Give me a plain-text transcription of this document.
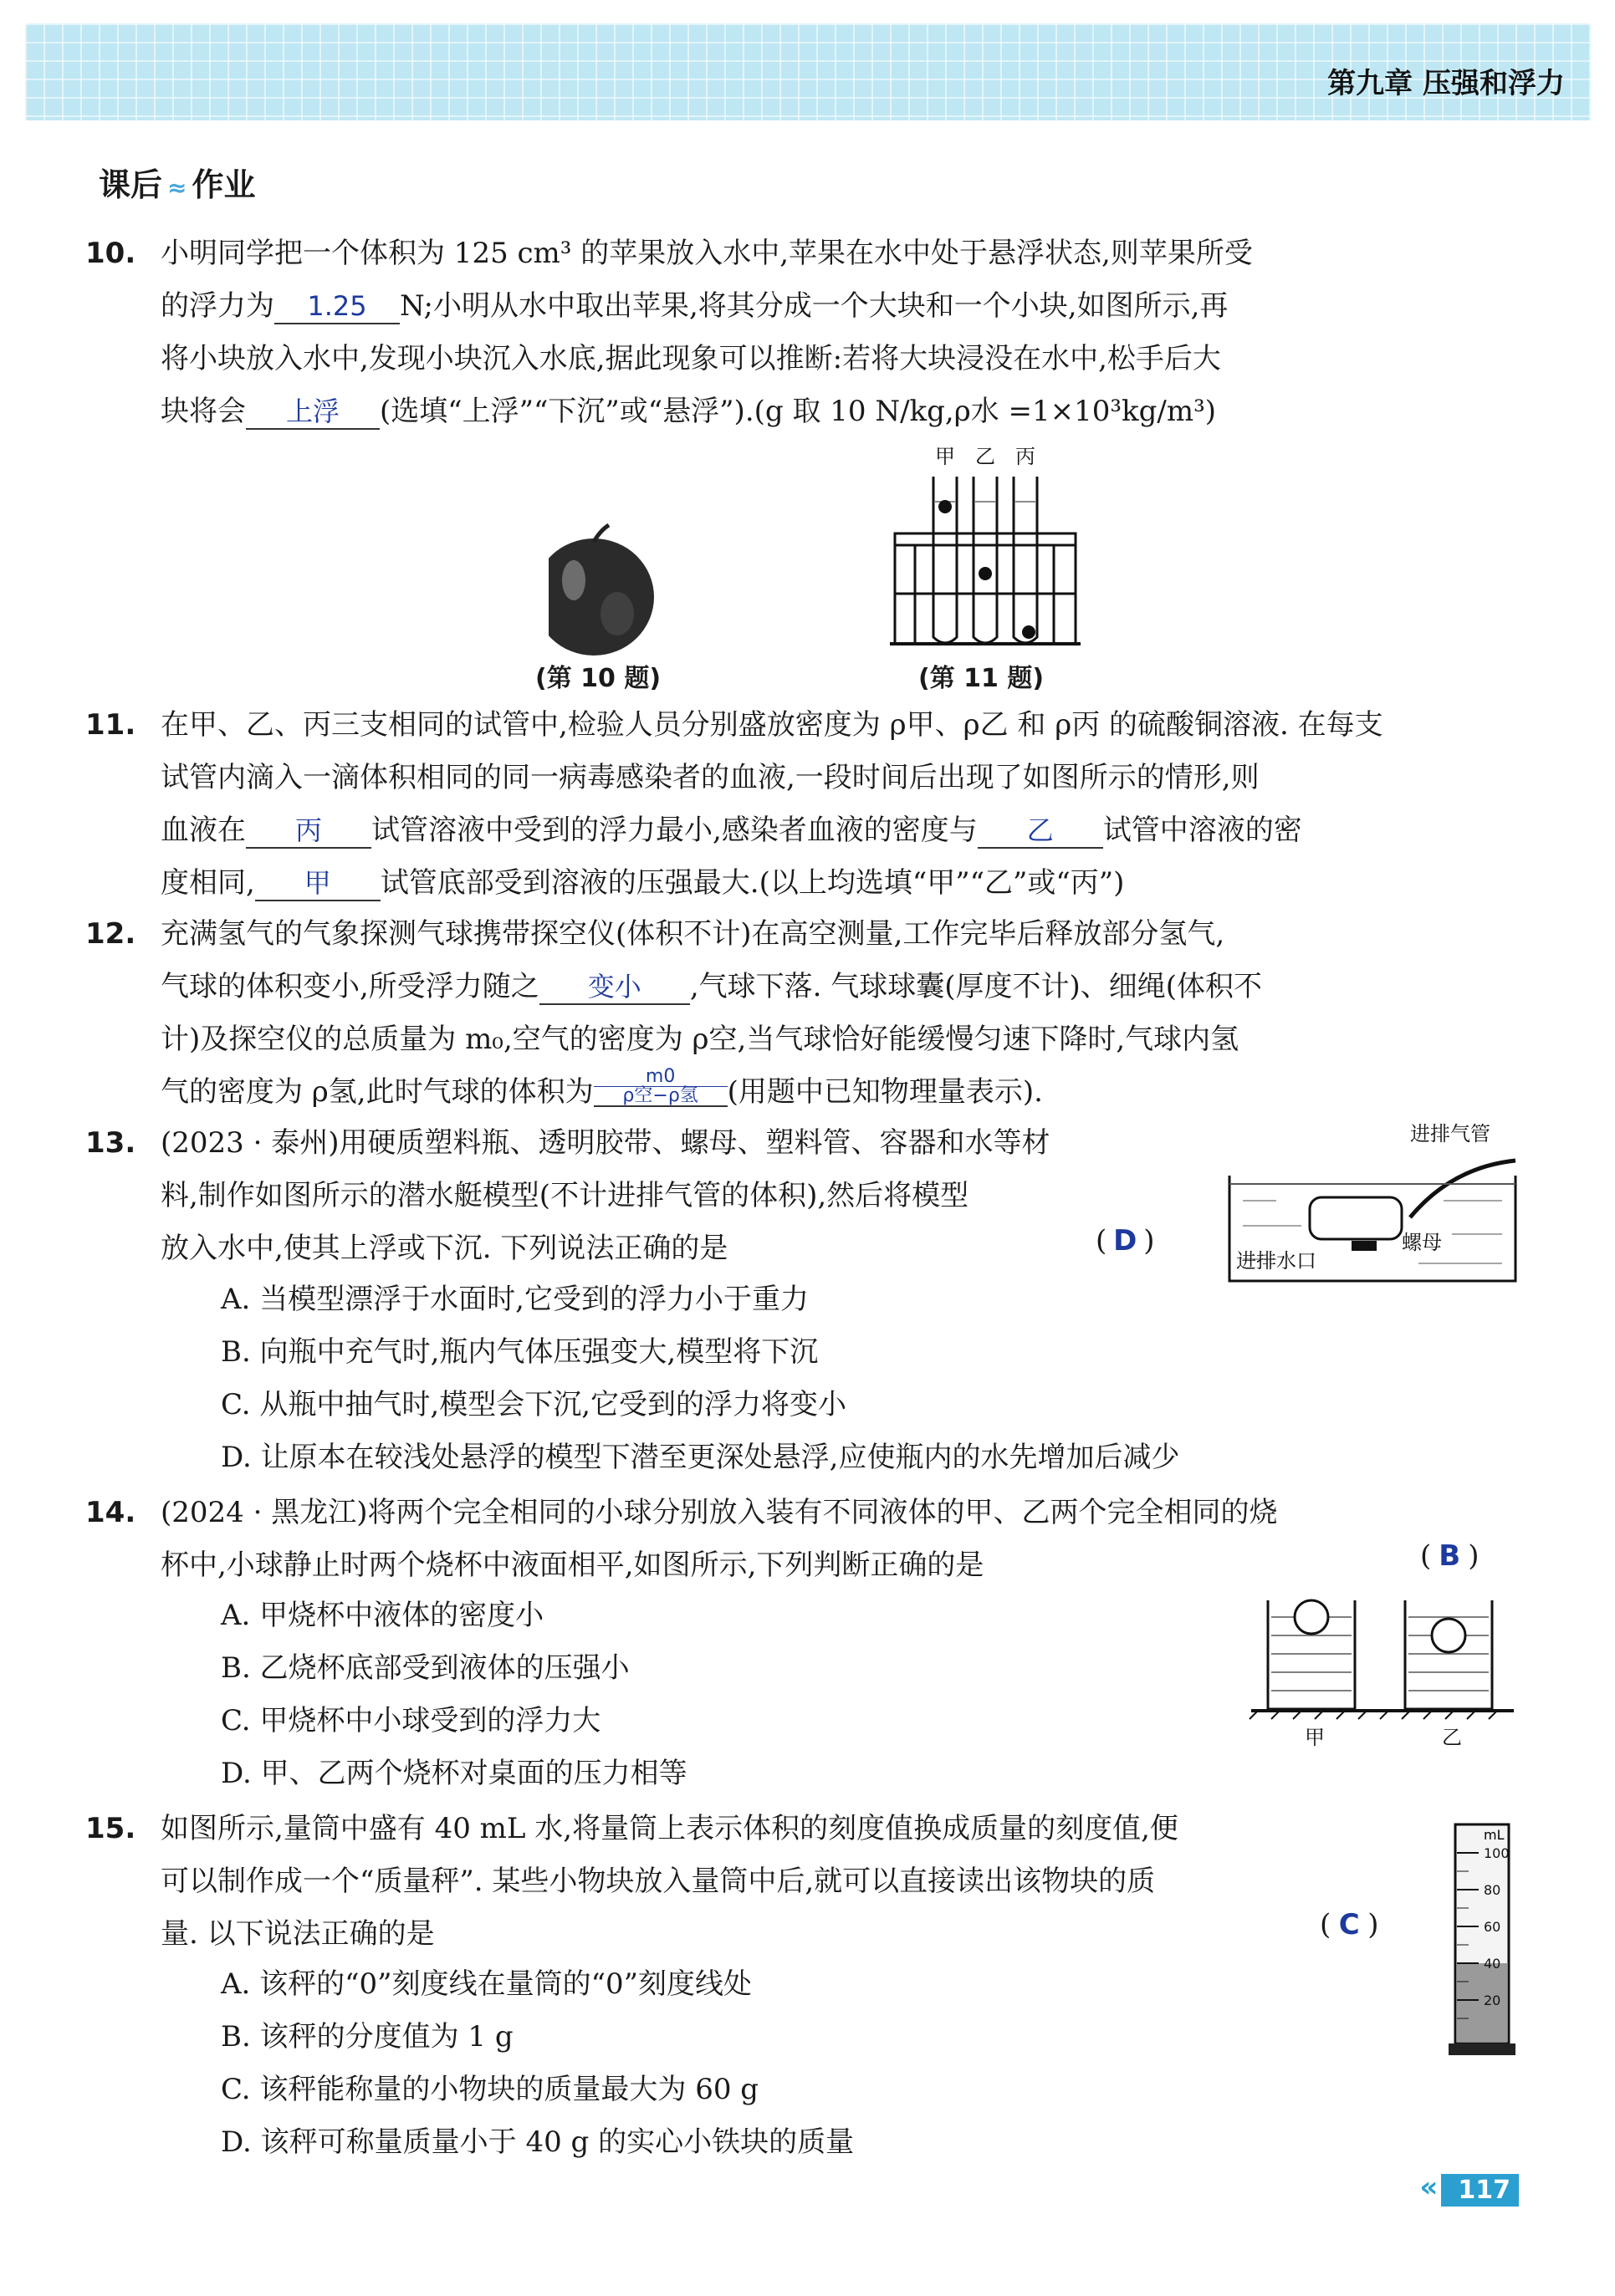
第九章 压强和浮力
课后 ≈ 作业
10. 小明同学把一个体积为 125 cm³ 的苹果放入水中,苹果在水中处于悬浮状态,则苹果所受
的浮力为 1.25 N;小明从水中取出苹果,将其分成一个大块和一个小块,如图所示,再
将小块放入水中,发现小块沉入水底,据此现象可以推断:若将大块浸没在水中,松手后大
块将会 上浮 (选填“上浮”“下沉”或“悬浮”).(g 取 10 N/kg,ρ水 =1×10³kg/m³)
(第 10 题)
甲 乙 丙
(第 11 题)
11. 在甲、乙、丙三支相同的试管中,检验人员分别盛放密度为 ρ甲、ρ乙 和 ρ丙 的硫酸铜溶液. 在每支
试管内滴入一滴体积相同的同一病毒感染者的血液,一段时间后出现了如图所示的情形,则
血液在 丙 试管溶液中受到的浮力最小,感染者血液的密度与 乙 试管中溶液的密
度相同, 甲 试管底部受到溶液的压强最大.(以上均选填“甲”“乙”或“丙”)
12. 充满氢气的气象探测气球携带探空仪(体积不计)在高空测量,工作完毕后释放部分氢气,
气球的体积变小,所受浮力随之 变小 ,气球下落. 气球球囊(厚度不计)、细绳(体积不
计)及探空仪的总质量为 m₀,空气的密度为 ρ空,当气球恰好能缓慢匀速下降时,气球内氢
气的密度为 ρ氢,此时气球的体积为	m0
ρ空−ρ氢	(用题中已知物理量表示).
13. (2023 · 泰州)用硬质塑料瓶、透明胶带、螺母、塑料管、容器和水等材
料,制作如图所示的潜水艇模型(不计进排气管的体积),然后将模型
放入水中,使其上浮或下沉. 下列说法正确的是	( D )
A. 当模型漂浮于水面时,它受到的浮力小于重力
B. 向瓶中充气时,瓶内气体压强变大,模型将下沉
C. 从瓶中抽气时,模型会下沉,它受到的浮力将变小
D. 让原本在较浅处悬浮的模型下潜至更深处悬浮,应使瓶内的水先增加后减少
进排气管
进排水口
螺母
14. (2024 · 黑龙江)将两个完全相同的小球分别放入装有不同液体的甲、乙两个完全相同的烧
杯中,小球静止时两个烧杯中液面相平,如图所示,下列判断正确的是	( B )
A. 甲烧杯中液体的密度小
B. 乙烧杯底部受到液体的压强小
C. 甲烧杯中小球受到的浮力大
D. 甲、乙两个烧杯对桌面的压力相等
甲	乙
15. 如图所示,量筒中盛有 40 mL 水,将量筒上表示体积的刻度值换成质量的刻度值,便
可以制作成一个“质量秤”. 某些小物块放入量筒中后,就可以直接读出该物块的质
量. 以下说法正确的是	( C )
A. 该秤的“0”刻度线在量筒的“0”刻度线处
B. 该秤的分度值为 1 g
C. 该秤能称量的小物块的质量最大为 60 g
D. 该秤可称量质量小于 40 g 的实心小铁块的质量
mL
100
80
60
40
20
« 117
